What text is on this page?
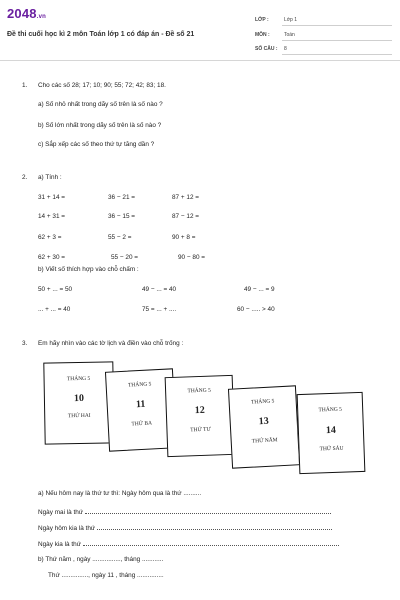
2048.vn
Đề thi cuối học kì 2 môn Toán lớp 1 có đáp án - Đề số 21
LỚP :	Lớp 1
MÔN :	Toán
SỐ CÂU : 8
1. Cho các số 28; 17; 10; 90; 55; 72; 42; 83; 18.
a) Số nhỏ nhất trong dãy số trên là số nào ?
b) Số lớn nhất trong dãy số trên là số nào ?
c) Sắp xếp các số theo thứ tự tăng dần ?
2. a) Tính :
31 + 14 =	36 − 21 =	87 + 12 =
14 + 31 =	36 − 15 =	87 − 12 =
62 + 3 =	55 − 2 =	90 + 8 =
62 + 30 =	55 − 20 =	90 − 80 =
b) Viết số thích hợp vào chỗ chấm :
50 + ... = 50	49 − ... = 40	49 − ... = 9
... + ... = 40	75 = ... + ....	60 − ..... > 40
3. Em hãy nhìn vào các tờ lịch và điền vào chỗ trống :
THÁNG 5
10
THỨ HAI
THÁNG 5
11
THỨ BA
THÁNG 5
12
THỨ TƯ
THÁNG 5
13
THỨ NĂM
THÁNG 5
14
THỨ SÁU
a) Nếu hôm nay là thứ tư thì: Ngày hôm qua là thứ ..........
Ngày mai là thứ
Ngày hôm kia là thứ
Ngày kia là thứ
b) Thứ năm , ngày ................, tháng ............
Thứ ..............., ngày 11 , tháng ...............
